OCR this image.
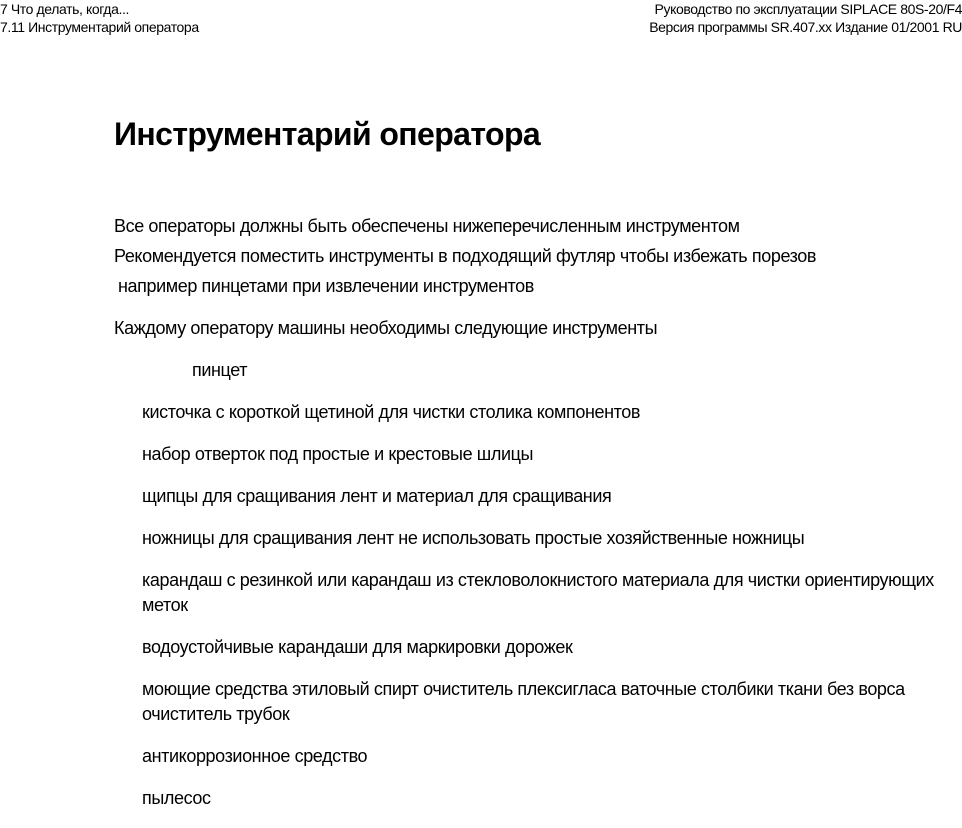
7 Что делать, когда...
7.11 Инструментарий оператора
Руководство по эксплуатации SIPLACE 80S-20/F4
Версия программы SR.407.xx Издание 01/2001 RU
Инструментарий оператора

Все операторы должны быть обеспечены нижеперечисленным инструментом

Рекомендуется поместить инструменты в подходящий футляр чтобы избежать порезов

например пинцетами при извлечении инструментов

Каждому оператору машины необходимы следующие инструменты

пинцет
кисточка с короткой щетиной для чистки столика компонентов
набор отверток под простые и крестовые шлицы
щипцы для сращивания лент и материал для сращивания
ножницы для сращивания лент не использовать простые хозяйственные ножницы
карандаш с резинкой или карандаш из стекловолокнистого материала для чистки ориентирующих меток
водоустойчивые карандаши для маркировки дорожек
моющие средства этиловый спирт очиститель плексигласа ваточные столбики ткани без ворса очиститель трубок
антикоррозионное средство
пылесос
